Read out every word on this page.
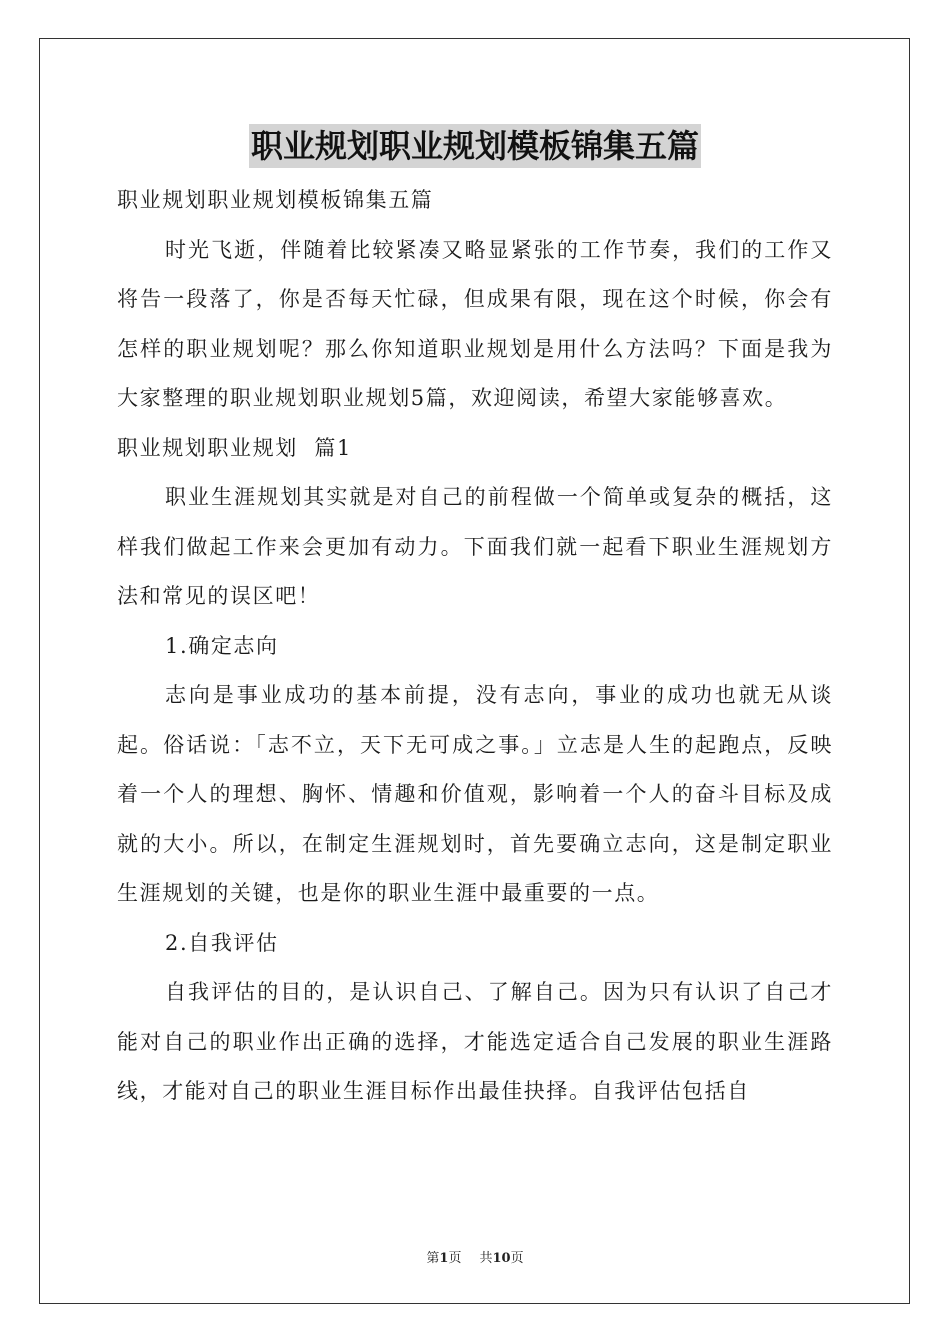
职业规划职业规划模板锦集五篇

职业规划职业规划模板锦集五篇

时光飞逝，伴随着比较紧凑又略显紧张的工作节奏，我们的工作又将告一段落了，你是否每天忙碌，但成果有限，现在这个时候，你会有怎样的职业规划呢？那么你知道职业规划是用什么方法吗？下面是我为大家整理的职业规划职业规划5篇，欢迎阅读，希望大家能够喜欢。

职业规划职业规划  篇1

职业生涯规划其实就是对自己的前程做一个简单或复杂的概括，这样我们做起工作来会更加有动力。下面我们就一起看下职业生涯规划方法和常见的误区吧！

1.确定志向

志向是事业成功的基本前提，没有志向，事业的成功也就无从谈起。俗话说：「志不立，天下无可成之事。」立志是人生的起跑点，反映着一个人的理想、胸怀、情趣和价值观，影响着一个人的奋斗目标及成就的大小。所以，在制定生涯规划时，首先要确立志向，这是制定职业生涯规划的关键，也是你的职业生涯中最重要的一点。

2.自我评估

自我评估的目的，是认识自己、了解自己。因为只有认识了自己才能对自己的职业作出正确的选择，才能选定适合自己发展的职业生涯路线，才能对自己的职业生涯目标作出最佳抉择。自我评估包括自

第1页 共10页
